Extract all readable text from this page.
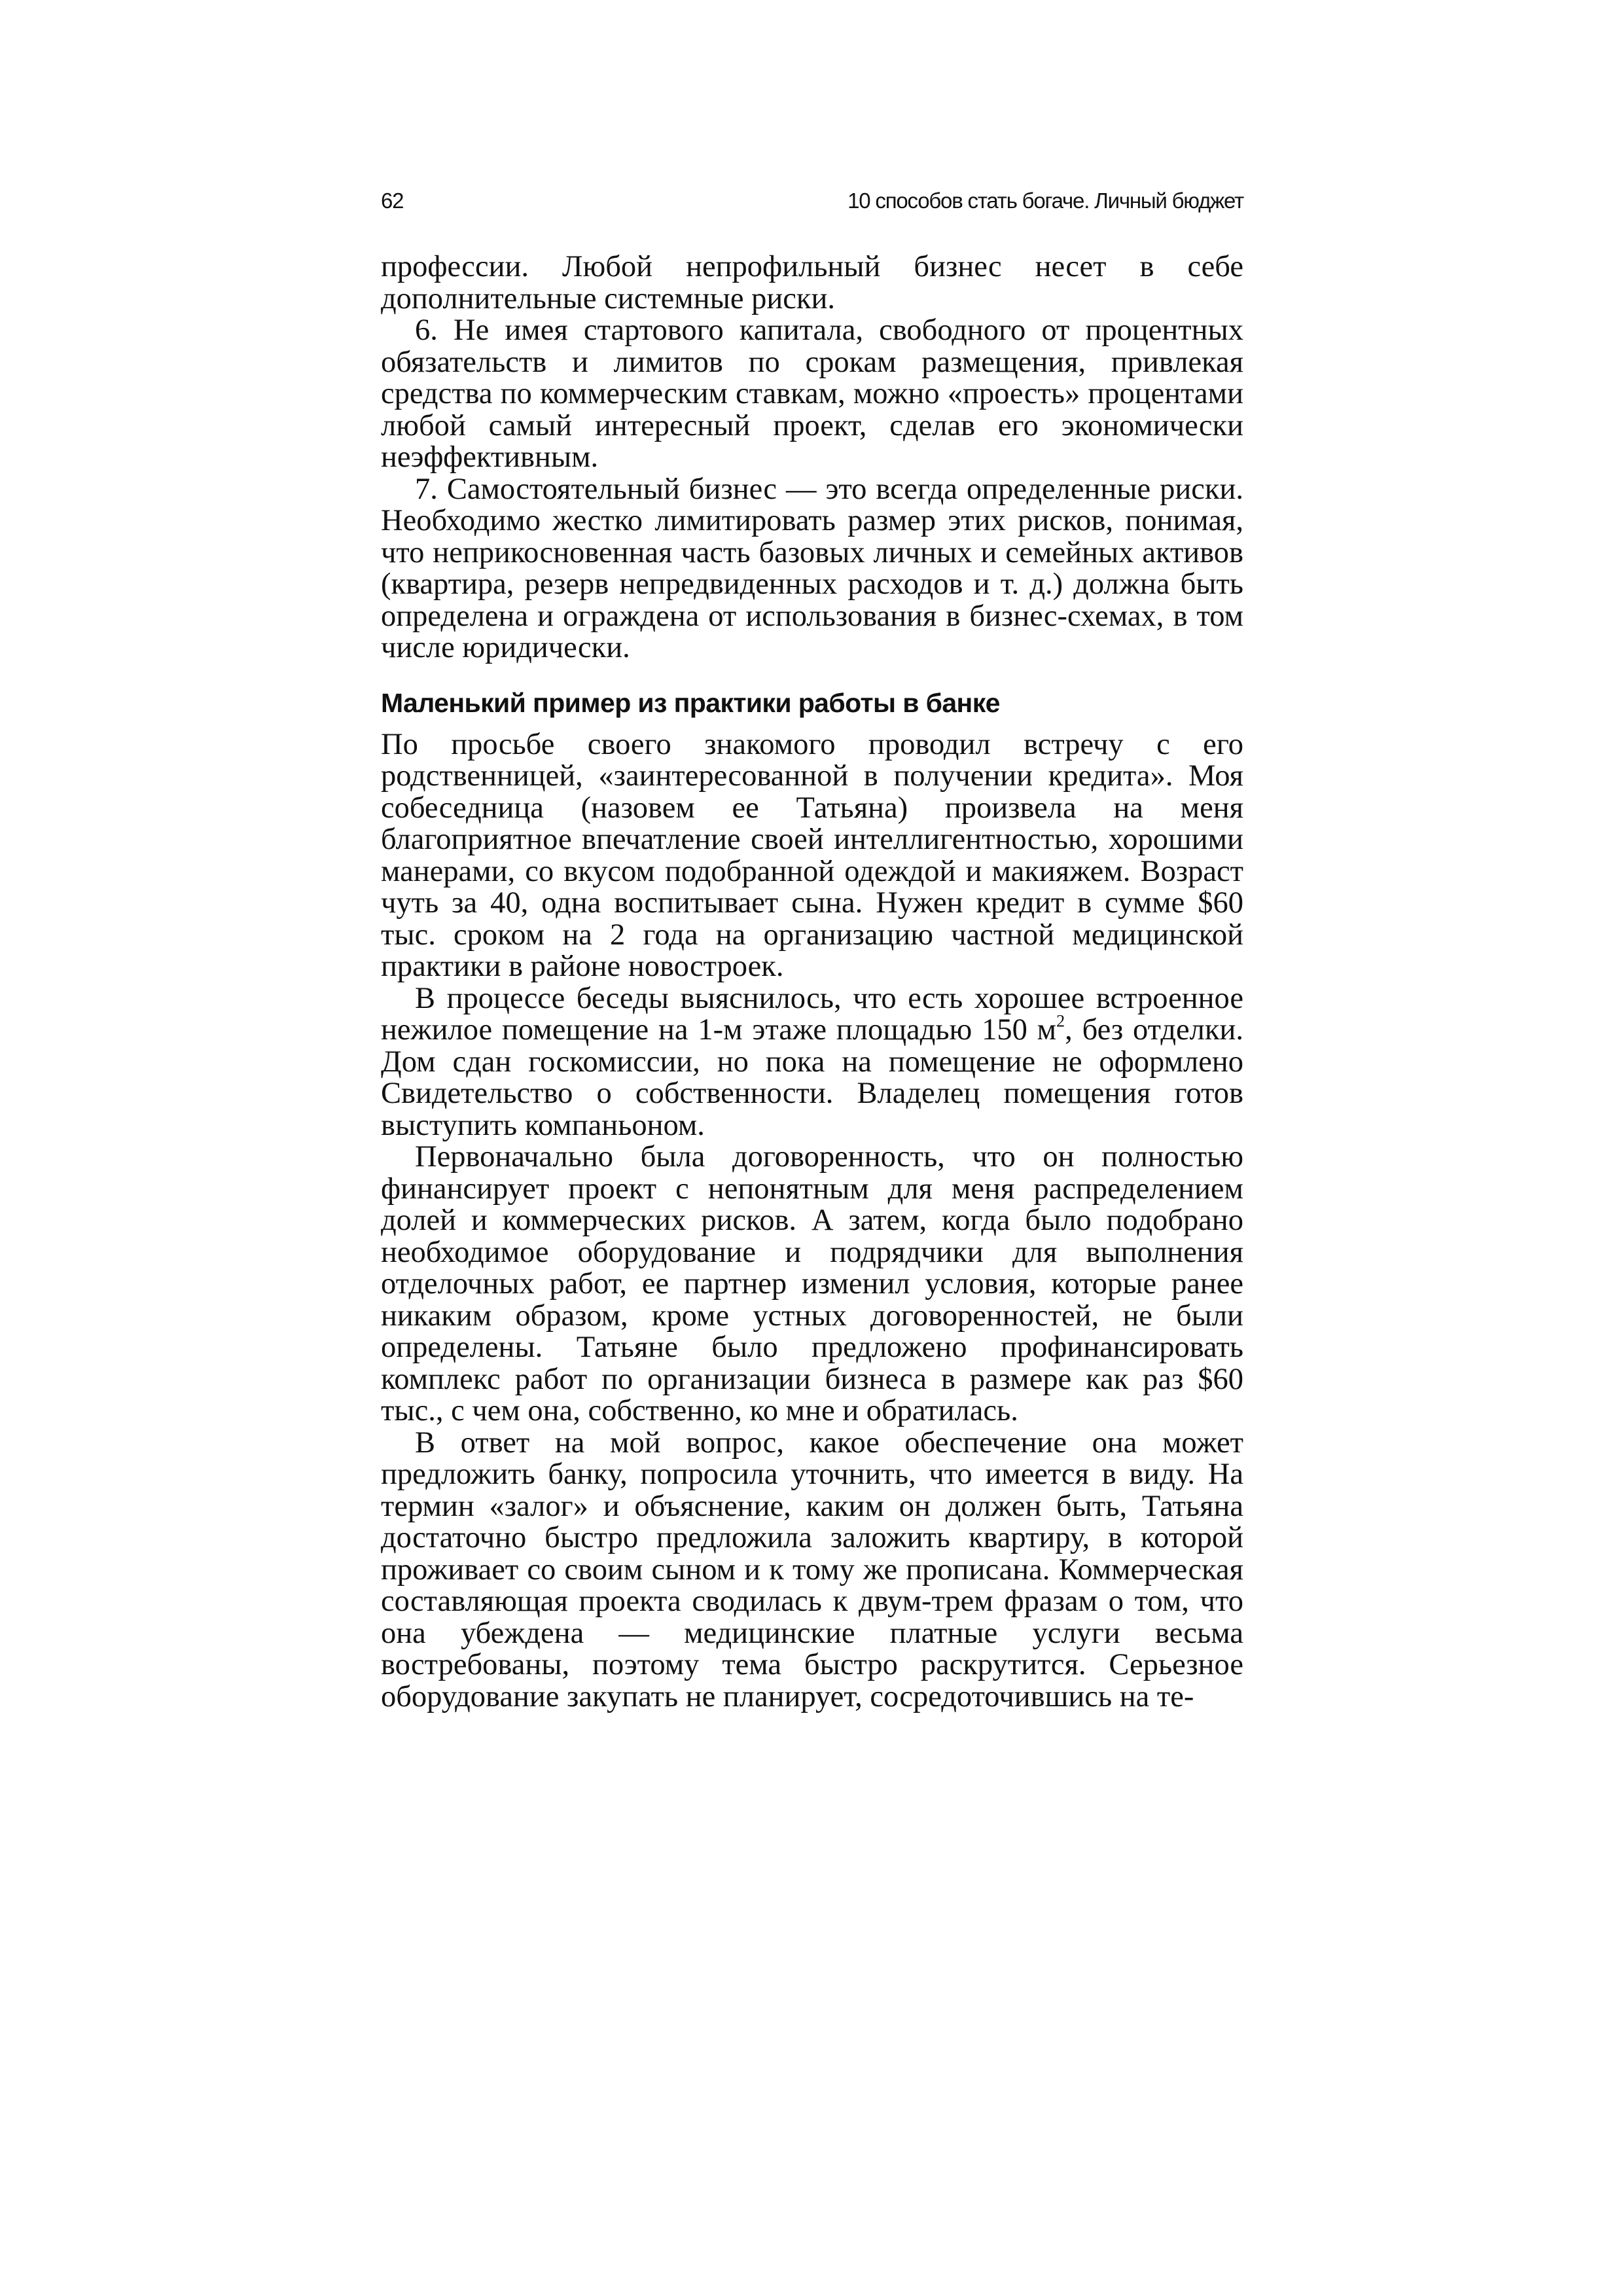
62	10 способов стать богаче. Личный бюджет

профессии. Любой непрофильный бизнес несет в себе дополнительные системные риски.

6. Не имея стартового капитала, свободного от процентных обязательств и лимитов по срокам размещения, привлекая средства по коммерческим ставкам, можно «проесть» процентами любой самый интересный проект, сделав его экономически неэффективным.

7. Самостоятельный бизнес — это всегда определенные риски. Необходимо жестко лимитировать размер этих рисков, понимая, что неприкосновенная часть базовых личных и семейных активов (квартира, резерв непредвиденных расходов и т. д.) должна быть определена и ограждена от использования в бизнес-схемах, в том числе юридически.

Маленький пример из практики работы в банке

По просьбе своего знакомого проводил встречу с его родственницей, «заинтересованной в получении кредита». Моя собеседница (назовем ее Татьяна) произвела на меня благоприятное впечатление своей интеллигентностью, хорошими манерами, со вкусом подобранной одеждой и макияжем. Возраст чуть за 40, одна воспитывает сына. Нужен кредит в сумме $60 тыс. сроком на 2 года на организацию частной медицинской практики в районе новостроек.

В процессе беседы выяснилось, что есть хорошее встроенное нежилое помещение на 1-м этаже площадью 150 $м^2$, без отделки. Дом сдан госкомиссии, но пока на помещение не оформлено Свидетельство о собственности. Владелец помещения готов выступить компаньоном.

Первоначально была договоренность, что он полностью финансирует проект с непонятным для меня распределением долей и коммерческих рисков. А затем, когда было подобрано необходимое оборудование и подрядчики для выполнения отделочных работ, ее партнер изменил условия, которые ранее никаким образом, кроме устных договоренностей, не были определены. Татьяне было предложено профинансировать комплекс работ по организации бизнеса в размере как раз $60 тыс., с чем она, собственно, ко мне и обратилась.

В ответ на мой вопрос, какое обеспечение она может предложить банку, попросила уточнить, что имеется в виду. На термин «залог» и объяснение, каким он должен быть, Татьяна достаточно быстро предложила заложить квартиру, в которой проживает со своим сыном и к тому же прописана. Коммерческая составляющая проекта сводилась к двум-трем фразам о том, что она убеждена — медицинские платные услуги весьма востребованы, поэтому тема быстро раскрутится. Серьезное оборудование закупать не планирует, сосредоточившись на те-
